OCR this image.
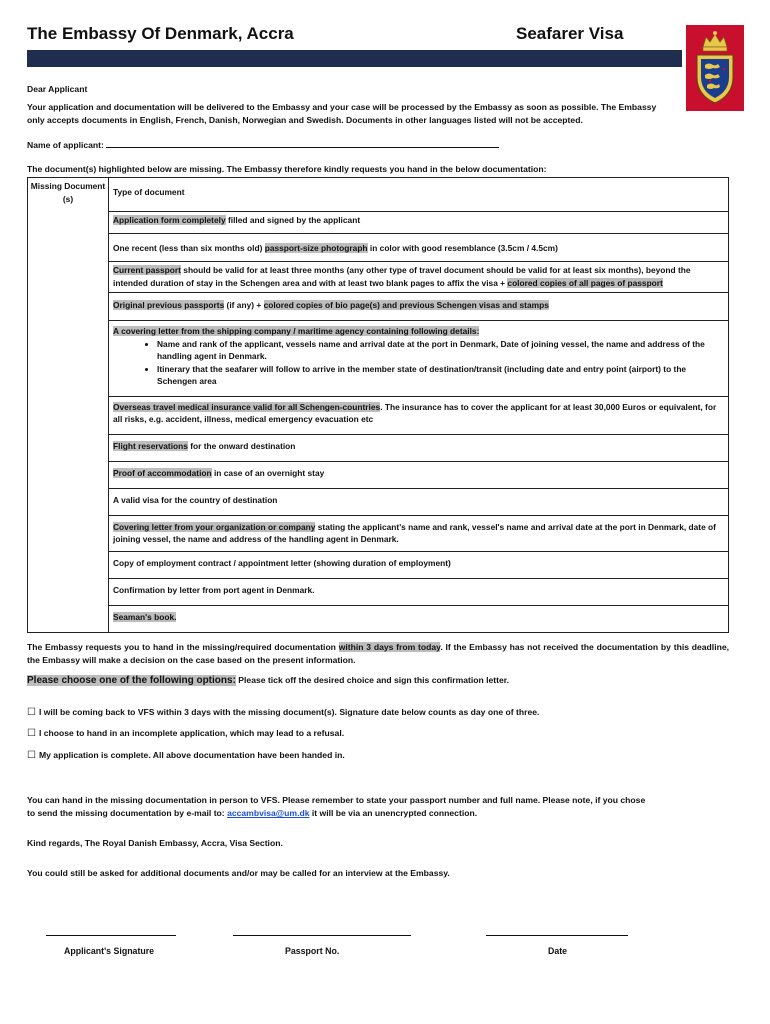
The Embassy Of Denmark, Accra	Seafarer Visa
Dear Applicant
Your application and documentation will be delivered to the Embassy and your case will be processed by the Embassy as soon as possible. The Embassy
only accepts documents in English, French, Danish, Norwegian and Swedish. Documents in other languages listed will not be accepted.
Name of applicant:
The document(s) highlighted below are missing. The Embassy therefore kindly requests you hand in the below documentation:
Missing Document (s)	Type of document
Application form completely filled and signed by the applicant
One recent (less than six months old) passport-size photograph in color with good resemblance (3.5cm / 4.5cm)
Current passport should be valid for at least three months (any other type of travel document should be valid for at least six months), beyond the intended duration of stay in the Schengen area and with at least two blank pages to affix the visa + colored copies of all pages of passport
Original previous passports (if any) + colored copies of bio page(s) and previous Schengen visas and stamps
A covering letter from the shipping company / maritime agency containing following details:
• Name and rank of the applicant, vessels name and arrival date at the port in Denmark, Date of joining vessel, the name and address of the handling agent in Denmark.
• Itinerary that the seafarer will follow to arrive in the member state of destination/transit (including date and entry point (airport) to the Schengen area

Overseas travel medical insurance valid for all Schengen-countries. The insurance has to cover the applicant for at least 30,000 Euros or equivalent, for all risks, e.g. accident, illness, medical emergency evacuation etc
Flight reservations for the onward destination
Proof of accommodation in case of an overnight stay
A valid visa for the country of destination
Covering letter from your organization or company stating the applicant's name and rank, vessel's name and arrival date at the port in Denmark, date of joining vessel, the name and address of the handling agent in Denmark.
Copy of employment contract / appointment letter (showing duration of employment)
Confirmation by letter from port agent in Denmark.
Seaman's book.
The Embassy requests you to hand in the missing/required documentation within 3 days from today. If the Embassy has not received the documentation by this deadline, the Embassy will make a decision on the case based on the present information.
Please choose one of the following options: Please tick off the desired choice and sign this confirmation letter.
☐ I will be coming back to VFS within 3 days with the missing document(s). Signature date below counts as day one of three.
☐ I choose to hand in an incomplete application, which may lead to a refusal.
☐ My application is complete. All above documentation have been handed in.
You can hand in the missing documentation in person to VFS. Please remember to state your passport number and full name. Please note, if you chose
to send the missing documentation by e-mail to: accambvisa@um.dk it will be via an unencrypted connection.
Kind regards, The Royal Danish Embassy, Accra, Visa Section.
You could still be asked for additional documents and/or may be called for an interview at the Embassy.
Applicant's Signature	Passport No.	Date
